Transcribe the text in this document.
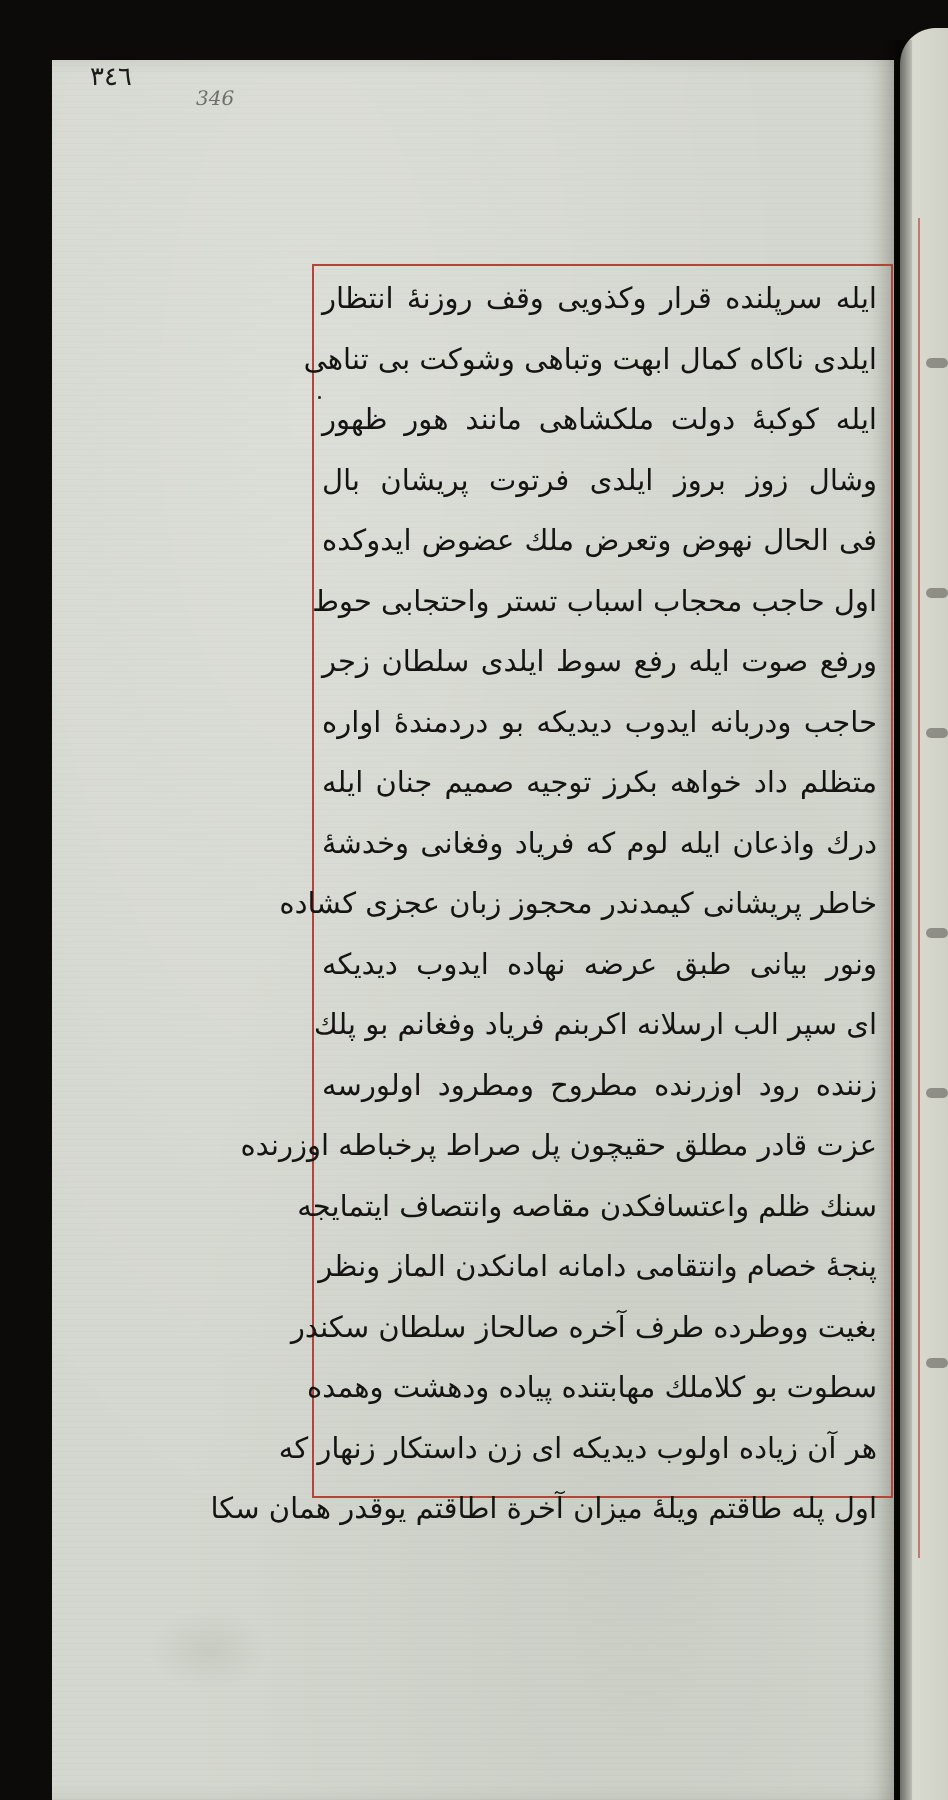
٣٤٦
346
ايله سرپلنده قرار وكذويی وقف روزنهٔ انتظار
ايلدی ناكاه كمال ابهت وتباهی وشوكت بی تناهی
ايله كوكبهٔ دولت ملكشاهی مانند هور ظهور
وشال زوز بروز ايلدی فرتوت پريشان بال
فی الحال نهوض وتعرض ملك عضوض ايدوكده
اول حاجب محجاب اسباب تستر واحتجابی حوط
ورفع صوت ايله رفع سوط ايلدی سلطان زجر
حاجب ودربانه ايدوب ديديكه بو دردمندهٔ اواره
متظلم داد خواهه بكرز توجيه صميم جنان ايله
درك واذعان ايله لوم كه فرياد وفغانی وخدشهٔ
خاطر پريشانی كيمدندر محجوز زبان عجزی كشاده
ونور بيانی طبق عرضه نهاده ايدوب ديديكه
ای سپر الب ارسلانه اكربنم فرياد وفغانم بو پلك
زننده رود اوزرنده مطروح ومطرود اولورسه
عزت قادر مطلق حقيچون پل صراط پرخباطه اوزرنده
سنك ظلم واعتسافكدن مقاصه وانتصاف ايتمايجه
پنجهٔ خصام وانتقامی دامانه امانكدن الماز ونظر
بغيت ووطرده طرف آخره صالحاز سلطان سكندر
سطوت بو كلاملك مهابتنده پياده ودهشت وهمده
هر آن زياده اولوب ديديكه ای زن داستكار زنهار كه
اول پله طاقتم ويلهٔ ميزان آخرة اطاقتم يوقدر همان سكا
